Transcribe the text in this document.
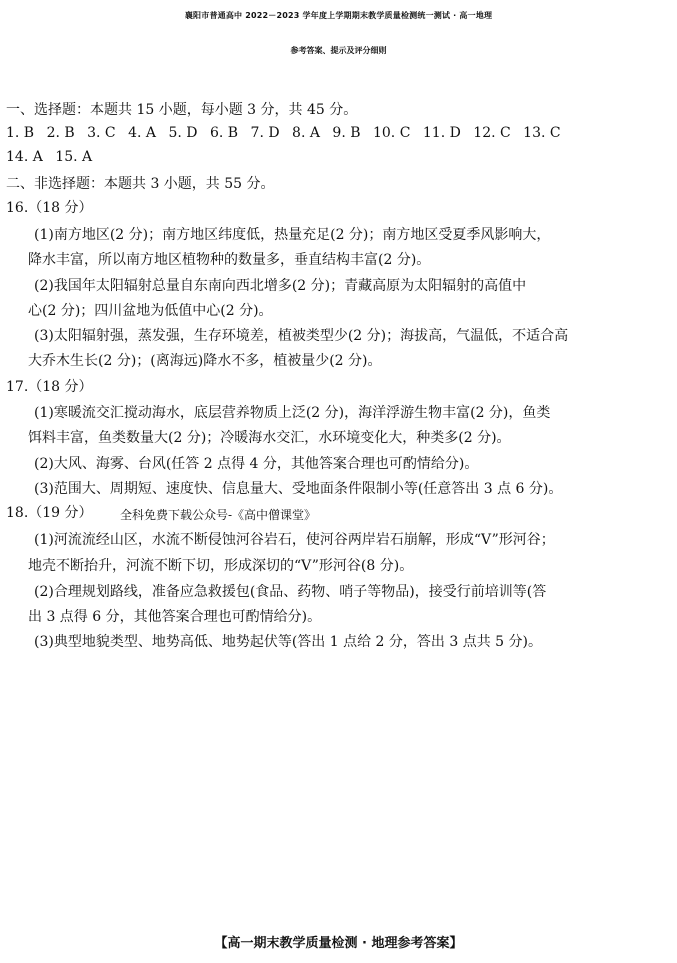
襄阳市普通高中 2022－2023 学年度上学期期末教学质量检测统一测试 · 高一地理
参考答案、提示及评分细则
一、选择题：本题共 15 小题，每小题 3 分，共 45 分。
1. B 2. B 3. C 4. A 5. D 6. B 7. D 8. A 9. B 10. C 11. D 12. C 13. C
14. A 15. A
二、非选择题：本题共 3 小题，共 55 分。
16.（18 分）
(1)南方地区(2 分)；南方地区纬度低，热量充足(2 分)；南方地区受夏季风影响大，
降水丰富，所以南方地区植物种的数量多，垂直结构丰富(2 分)。
(2)我国年太阳辐射总量自东南向西北增多(2 分)；青藏高原为太阳辐射的高值中
心(2 分)；四川盆地为低值中心(2 分)。
(3)太阳辐射强，蒸发强，生存环境差，植被类型少(2 分)；海拔高，气温低，不适合高
大乔木生长(2 分)；(离海远)降水不多，植被量少(2 分)。
17.（18 分）
(1)寒暖流交汇搅动海水，底层营养物质上泛(2 分)，海洋浮游生物丰富(2 分)，鱼类
饵料丰富，鱼类数量大(2 分)；冷暖海水交汇，水环境变化大，种类多(2 分)。
(2)大风、海雾、台风(任答 2 点得 4 分，其他答案合理也可酌情给分)。
(3)范围大、周期短、速度快、信息量大、受地面条件限制小等(任意答出 3 点 6 分)。
18.（19 分） 全科免费下载公众号-《高中僧课堂》
(1)河流流经山区，水流不断侵蚀河谷岩石，使河谷两岸岩石崩解，形成“V”形河谷；
地壳不断抬升，河流不断下切，形成深切的“V”形河谷(8 分)。
(2)合理规划路线，准备应急救援包(食品、药物、哨子等物品)，接受行前培训等(答
出 3 点得 6 分，其他答案合理也可酌情给分)。
(3)典型地貌类型、地势高低、地势起伏等(答出 1 点给 2 分，答出 3 点共 5 分)。
【高一期末教学质量检测 · 地理参考答案】
